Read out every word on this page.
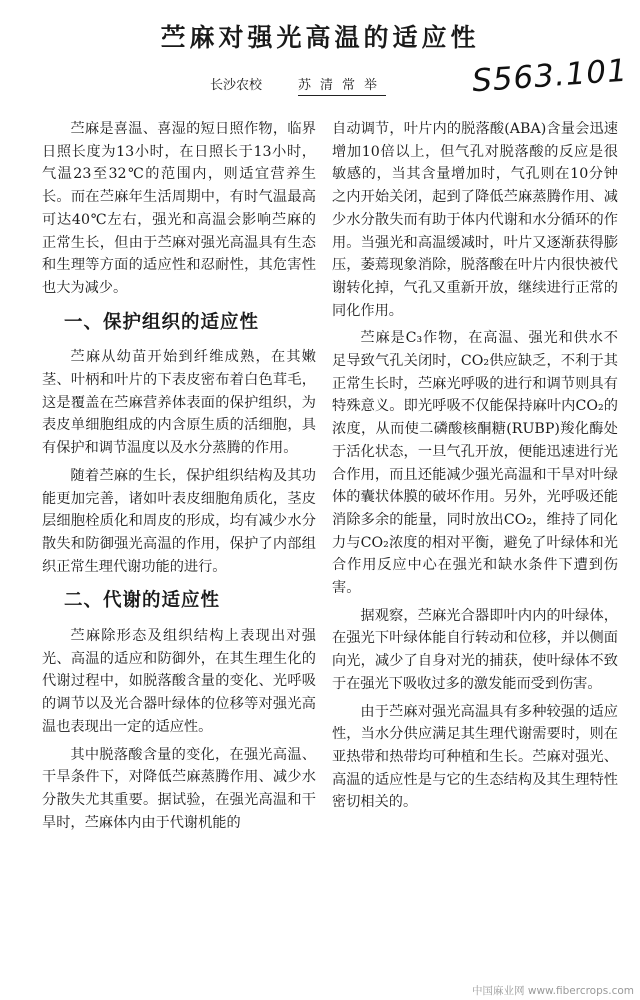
苎麻对强光高温的适应性
长沙农校	苏清常举	S563.101

苎麻是喜温、喜湿的短日照作物，临界日照长度为13小时，在日照长于13小时，气温23至32℃的范围内，则适宜营养生长。而在苎麻年生活周期中，有时气温最高可达40℃左右，强光和高温会影响苎麻的正常生长，但由于苎麻对强光高温具有生态和生理等方面的适应性和忍耐性，其危害性也大为减少。

一、保护组织的适应性

苎麻从幼苗开始到纤维成熟，在其嫩茎、叶柄和叶片的下表皮密布着白色茸毛，这是覆盖在苎麻营养体表面的保护组织，为表皮单细胞组成的内含原生质的活细胞，具有保护和调节温度以及水分蒸腾的作用。

随着苎麻的生长，保护组织结构及其功能更加完善，诸如叶表皮细胞角质化，茎皮层细胞栓质化和周皮的形成，均有减少水分散失和防御强光高温的作用，保护了内部组织正常生理代谢功能的进行。

二、代谢的适应性

苎麻除形态及组织结构上表现出对强光、高温的适应和防御外，在其生理生化的代谢过程中，如脱落酸含量的变化、光呼吸的调节以及光合器叶绿体的位移等对强光高温也表现出一定的适应性。

其中脱落酸含量的变化，在强光高温、干旱条件下，对降低苎麻蒸腾作用、减少水分散失尤其重要。据试验，在强光高温和干旱时，苎麻体内由于代谢机能的

自动调节，叶片内的脱落酸(ABA)含量会迅速增加10倍以上，但气孔对脱落酸的反应是很敏感的，当其含量增加时，气孔则在10分钟之内开始关闭，起到了降低苎麻蒸腾作用、减少水分散失而有助于体内代谢和水分循环的作用。当强光和高温缓减时，叶片又逐渐获得膨压，萎蔫现象消除，脱落酸在叶片内很快被代谢转化掉，气孔又重新开放，继续进行正常的同化作用。

苎麻是C₃作物，在高温、强光和供水不足导致气孔关闭时，CO₂供应缺乏，不利于其正常生长时，苎麻光呼吸的进行和调节则具有特殊意义。即光呼吸不仅能保持麻叶内CO₂的浓度，从而使二磷酸核酮糖(RUBP)羧化酶处于活化状态，一旦气孔开放，便能迅速进行光合作用，而且还能减少强光高温和干旱对叶绿体的囊状体膜的破坏作用。另外，光呼吸还能消除多余的能量，同时放出CO₂，维持了同化力与CO₂浓度的相对平衡，避免了叶绿体和光合作用反应中心在强光和缺水条件下遭到伤害。

据观察，苎麻光合器即叶内内的叶绿体，在强光下叶绿体能自行转动和位移，并以侧面向光，减少了自身对光的捕获，使叶绿体不致于在强光下吸收过多的激发能而受到伤害。

由于苎麻对强光高温具有多种较强的适应性，当水分供应满足其生理代谢需要时，则在亚热带和热带均可种植和生长。苎麻对强光、高温的适应性是与它的生态结构及其生理特性密切相关的。

中国麻业网 www.fibercrops.com
